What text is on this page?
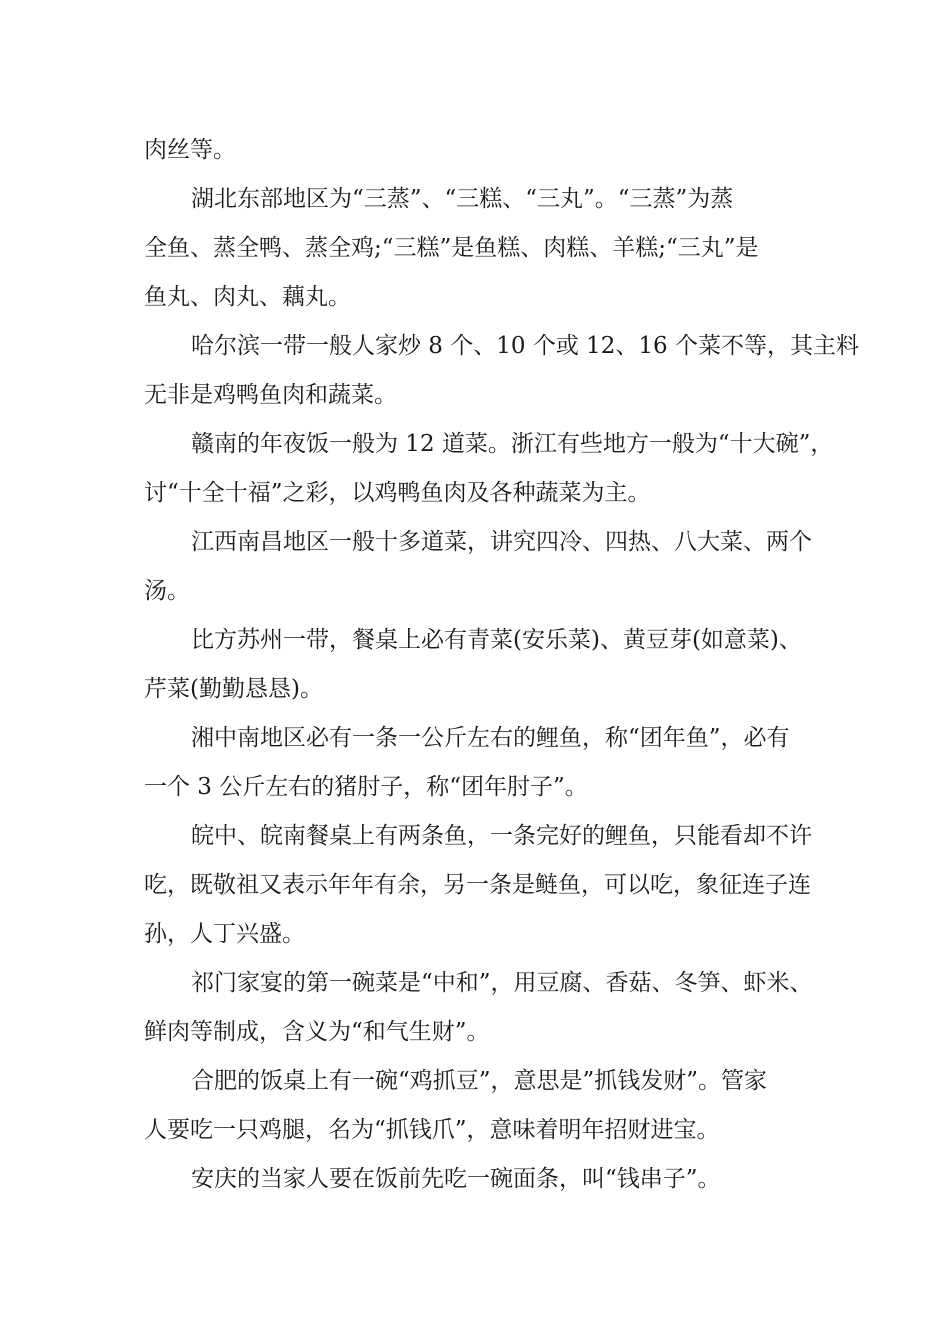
肉丝等。

湖北东部地区为“三蒸”、“三糕、“三丸”。“三蒸”为蒸
全鱼、蒸全鸭、蒸全鸡;“三糕”是鱼糕、肉糕、羊糕;“三丸”是
鱼丸、肉丸、藕丸。

哈尔滨一带一般人家炒 8 个、10 个或 12、16 个菜不等，其主料
无非是鸡鸭鱼肉和蔬菜。

赣南的年夜饭一般为 12 道菜。浙江有些地方一般为“十大碗”，
讨“十全十福”之彩，以鸡鸭鱼肉及各种蔬菜为主。

江西南昌地区一般十多道菜，讲究四冷、四热、八大菜、两个
汤。

比方苏州一带，餐桌上必有青菜(安乐菜)、黄豆芽(如意菜)、
芹菜(勤勤恳恳)。

湘中南地区必有一条一公斤左右的鲤鱼，称“团年鱼”，必有
一个 3 公斤左右的猪肘子，称“团年肘子”。

皖中、皖南餐桌上有两条鱼，一条完好的鲤鱼，只能看却不许
吃，既敬祖又表示年年有余，另一条是鲢鱼，可以吃，象征连子连
孙，人丁兴盛。

祁门家宴的第一碗菜是“中和”，用豆腐、香菇、冬笋、虾米、
鲜肉等制成，含义为“和气生财”。

合肥的饭桌上有一碗“鸡抓豆”，意思是”抓钱发财”。管家
人要吃一只鸡腿，名为“抓钱爪”，意味着明年招财进宝。

安庆的当家人要在饭前先吃一碗面条，叫“钱串子”。
